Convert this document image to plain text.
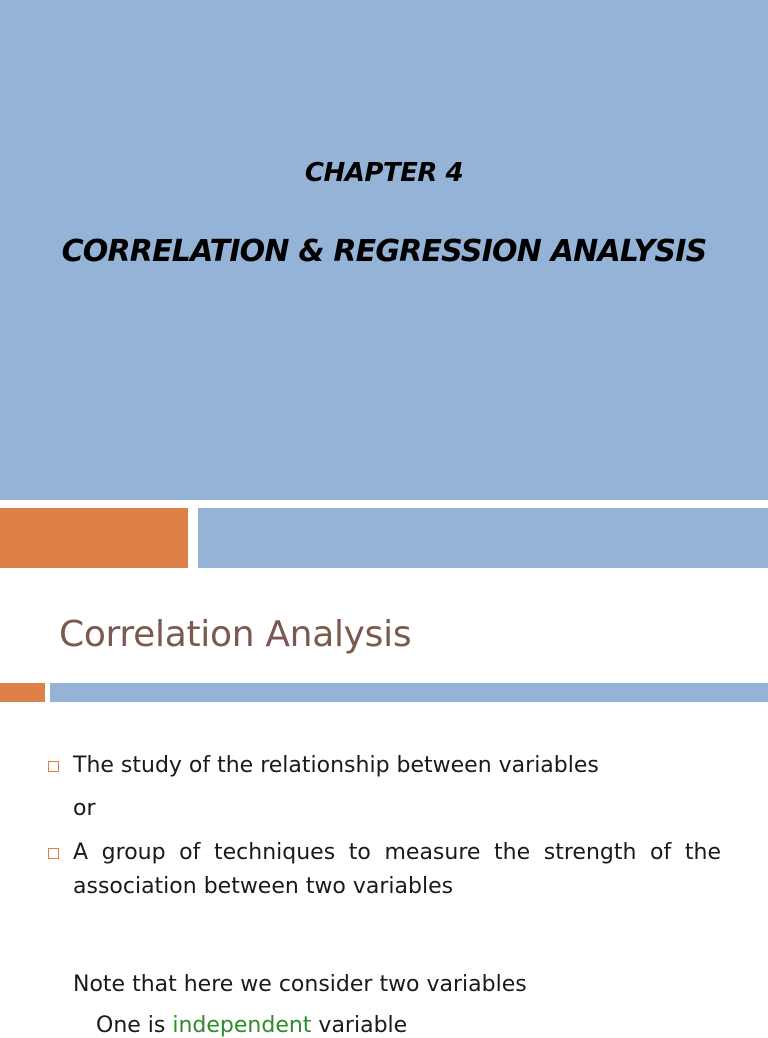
CHAPTER 4
CORRELATION & REGRESSION ANALYSIS
Correlation Analysis
The study of the relationship between variables
or
A group of techniques to measure the strength of the association between two variables
Note that here we consider two variables
One is independent variable
